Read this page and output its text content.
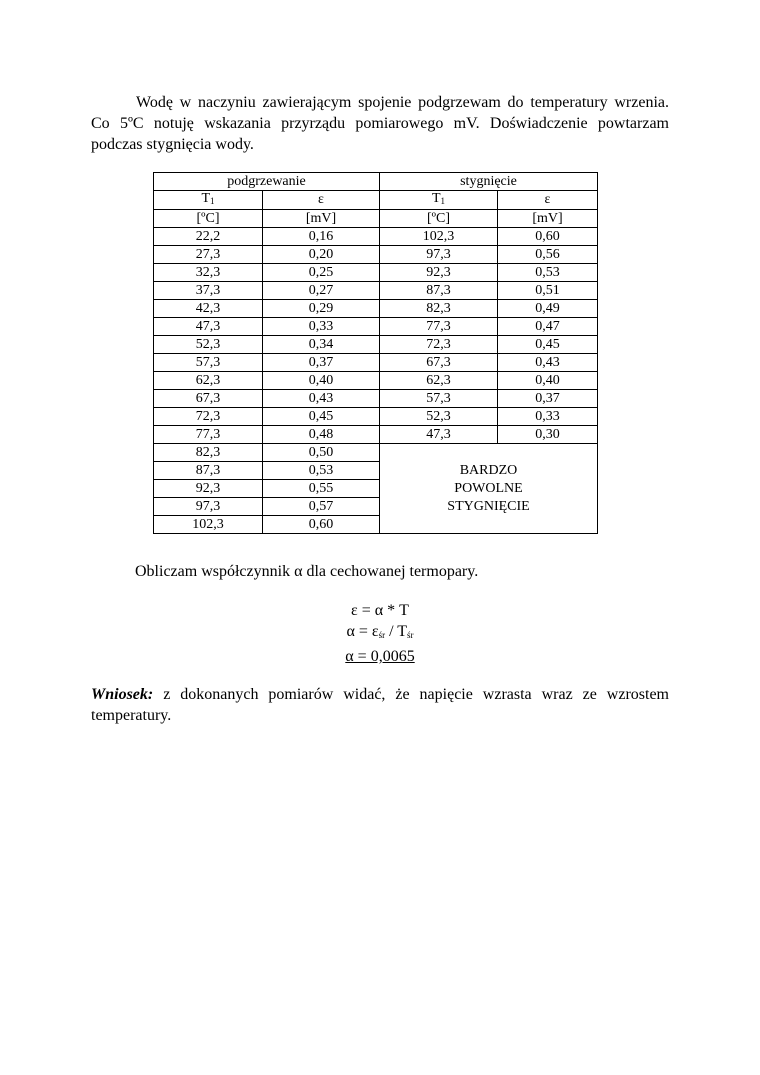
Wodę w naczyniu zawierającym spojenie podgrzewam do temperatury wrzenia. Co 5ºC notuję wskazania przyrządu pomiarowego mV. Doświadczenie powtarzam podczas stygnięcia wody.

podgrzewanie		stygnięcie	
$T_1$	ε	$T_1$	ε
[ºC]	[mV]	[ºC]	[mV]
22,2	0,16	102,3	0,60
27,3	0,20	97,3	0,56
32,3	0,25	92,3	0,53
37,3	0,27	87,3	0,51
42,3	0,29	82,3	0,49
47,3	0,33	77,3	0,47
52,3	0,34	72,3	0,45
57,3	0,37	67,3	0,43
62,3	0,40	62,3	0,40
67,3	0,43	57,3	0,37
72,3	0,45	52,3	0,33
77,3	0,48	47,3	0,30
82,3	0,50	BARDZO
POWOLNE
STYGNIĘCIE	

87,3	0,53		
92,3	0,55		
97,3	0,57		
102,3	0,60		
Obliczam współczynnik α dla cechowanej termopary.
ε = α * T
$\alpha = \varepsilon_{śr} / T_{śr}$
α = 0,0065

Wniosek: z dokonanych pomiarów widać, że napięcie wzrasta wraz ze wzrostem temperatury.
